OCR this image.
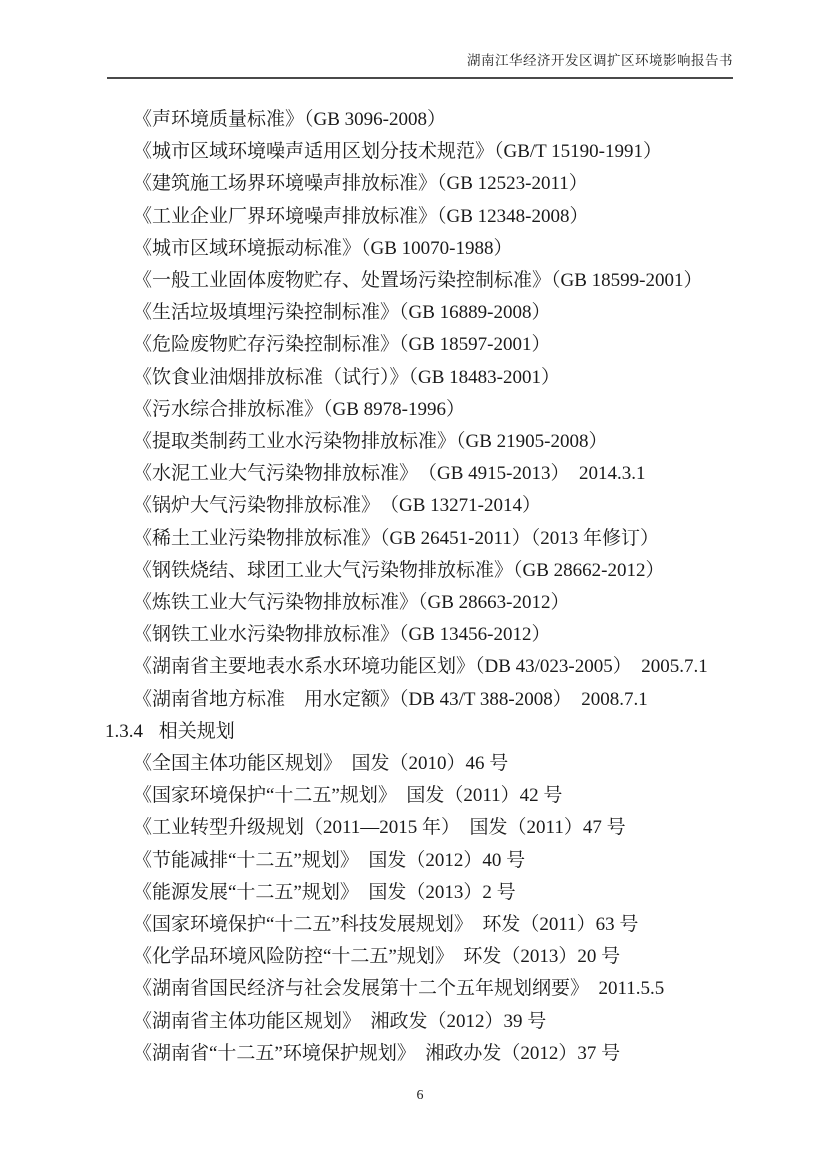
湖南江华经济开发区调扩区环境影响报告书

《声环境质量标准》（GB 3096-2008）

《城市区域环境噪声适用区划分技术规范》（GB/T 15190-1991）

《建筑施工场界环境噪声排放标准》（GB 12523-2011）

《工业企业厂界环境噪声排放标准》（GB 12348-2008）

《城市区域环境振动标准》（GB 10070-1988）

《一般工业固体废物贮存、处置场污染控制标准》（GB 18599-2001）

《生活垃圾填埋污染控制标准》（GB 16889-2008）

《危险废物贮存污染控制标准》（GB 18597-2001）

《饮食业油烟排放标准（试行）》（GB 18483-2001）

《污水综合排放标准》（GB 8978-1996）

《提取类制药工业水污染物排放标准》（GB 21905-2008）

《水泥工业大气污染物排放标准》　（GB 4915-2013）　2014.3.1

《锅炉大气污染物排放标准》　（GB 13271-2014）

《稀土工业污染物排放标准》（GB 26451-2011）（2013 年修订）

《钢铁烧结、球团工业大气污染物排放标准》（GB 28662-2012）

《炼铁工业大气污染物排放标准》（GB 28663-2012）

《钢铁工业水污染物排放标准》（GB 13456-2012）

《湖南省主要地表水系水环境功能区划》（DB 43/023-2005）　2005.7.1

《湖南省地方标准　用水定额》（DB 43/T 388-2008）　2008.7.1

1.3.4 相关规划

《全国主体功能区规划》　国发（2010）46 号

《国家环境保护“十二五”规划》　国发（2011）42 号

《工业转型升级规划（2011—2015 年）　国发（2011）47 号

《节能减排“十二五”规划》　国发（2012）40 号

《能源发展“十二五”规划》　国发（2013）2 号

《国家环境保护“十二五”科技发展规划》　环发（2011）63 号

《化学品环境风险防控“十二五”规划》　环发（2013）20 号

《湖南省国民经济与社会发展第十二个五年规划纲要》　2011.5.5

《湖南省主体功能区规划》　湘政发（2012）39 号

《湖南省“十二五”环境保护规划》　湘政办发（2012）37 号

6
